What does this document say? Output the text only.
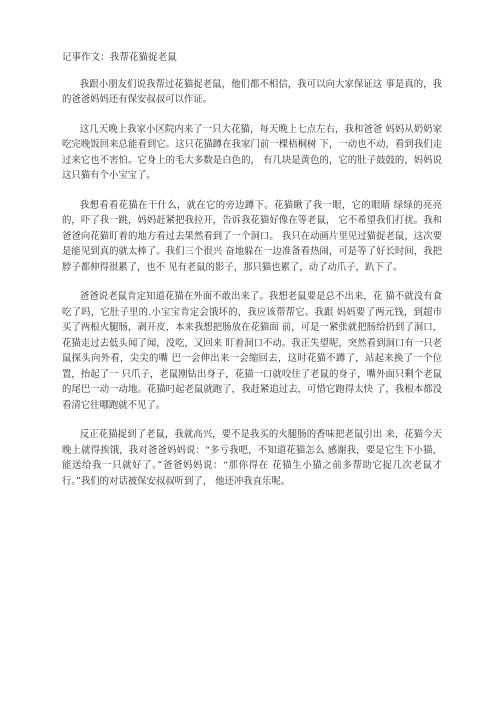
记事作文：我帮花猫捉老鼠

我跟小朋友们说我帮过花猫捉老鼠，他们都不相信，我可以向大家保证这 事是真的，我的爸爸妈妈还有保安叔叔可以作证。

这几天晚上我家小区院内来了一只大花猫，每天晚上七点左右，我和爸爸 妈妈从奶奶家吃完晚饭回来总能看到它。这只花猫蹲在我家门前一棵梧桐树 下，一动也不动，看到我们走过来它也不害怕。它身上的毛大多数是白色的， 有几块是黄色的，它的肚子鼓鼓的，妈妈说这只猫有个小宝宝了。

我想看看花猫在干什么，就在它的旁边蹲下。花猫瞅了我一眼，它的眼睛 绿绿的亮亮的，吓了我一跳，妈妈赶紧把我拉开，告诉我花猫好像在等老鼠， 它不希望我们打扰。我和爸爸向花猫盯着的地方看过去果然看到了一个洞口。 我只在动画片里见过猫捉老鼠，这次要是能见到真的就太棒了。我们三个很兴 奋地躲在一边准备看热闹，可是等了好长时间，我把脖子都伸得很累了，也不 见有老鼠的影子，那只猫也累了，动了动爪子，趴下了。

爸爸说老鼠肯定知道花猫在外面不敢出来了。我想老鼠要是总不出来，花 猫不就没有食吃了吗，它肚子里的.小宝宝肯定会饿坏的，我应该帮帮它。我跟 妈妈要了两元钱，到超市买了两根火腿肠，剥开皮，本来我想把肠放在花猫面 前，可是一紧张就把肠给扔到了洞口，花猫走过去低头闻了闻，没吃，又回来 盯着洞口不动。我正失望呢，突然看到洞口有一只老鼠探头向外看，尖尖的嘴 巴一会伸出来一会缩回去，这时花猫不蹲了，站起来换了一个位置，抬起了一 只爪子，老鼠刚钻出身子，花猫一口就咬住了老鼠的身子，嘴外面只剩个老鼠 的尾巴一动一动地。花猫叼起老鼠就跑了，我赶紧追过去，可惜它跑得太快 了，我根本都没看清它往哪跑就不见了。

反正花猫捉到了老鼠，我就高兴，要不是我买的火腿肠的香味把老鼠引出 来，花猫今天晚上就得挨饿，我对爸爸妈妈说：“多亏我吧，不知道花猫怎么 感谢我，要是它生下小猫，能送给我一只就好了。”爸爸妈妈说：“那你得在 花猫生小猫之前多帮助它捉几次老鼠才行。”我们的对话被保安叔叔听到了， 他还冲我直乐呢。
